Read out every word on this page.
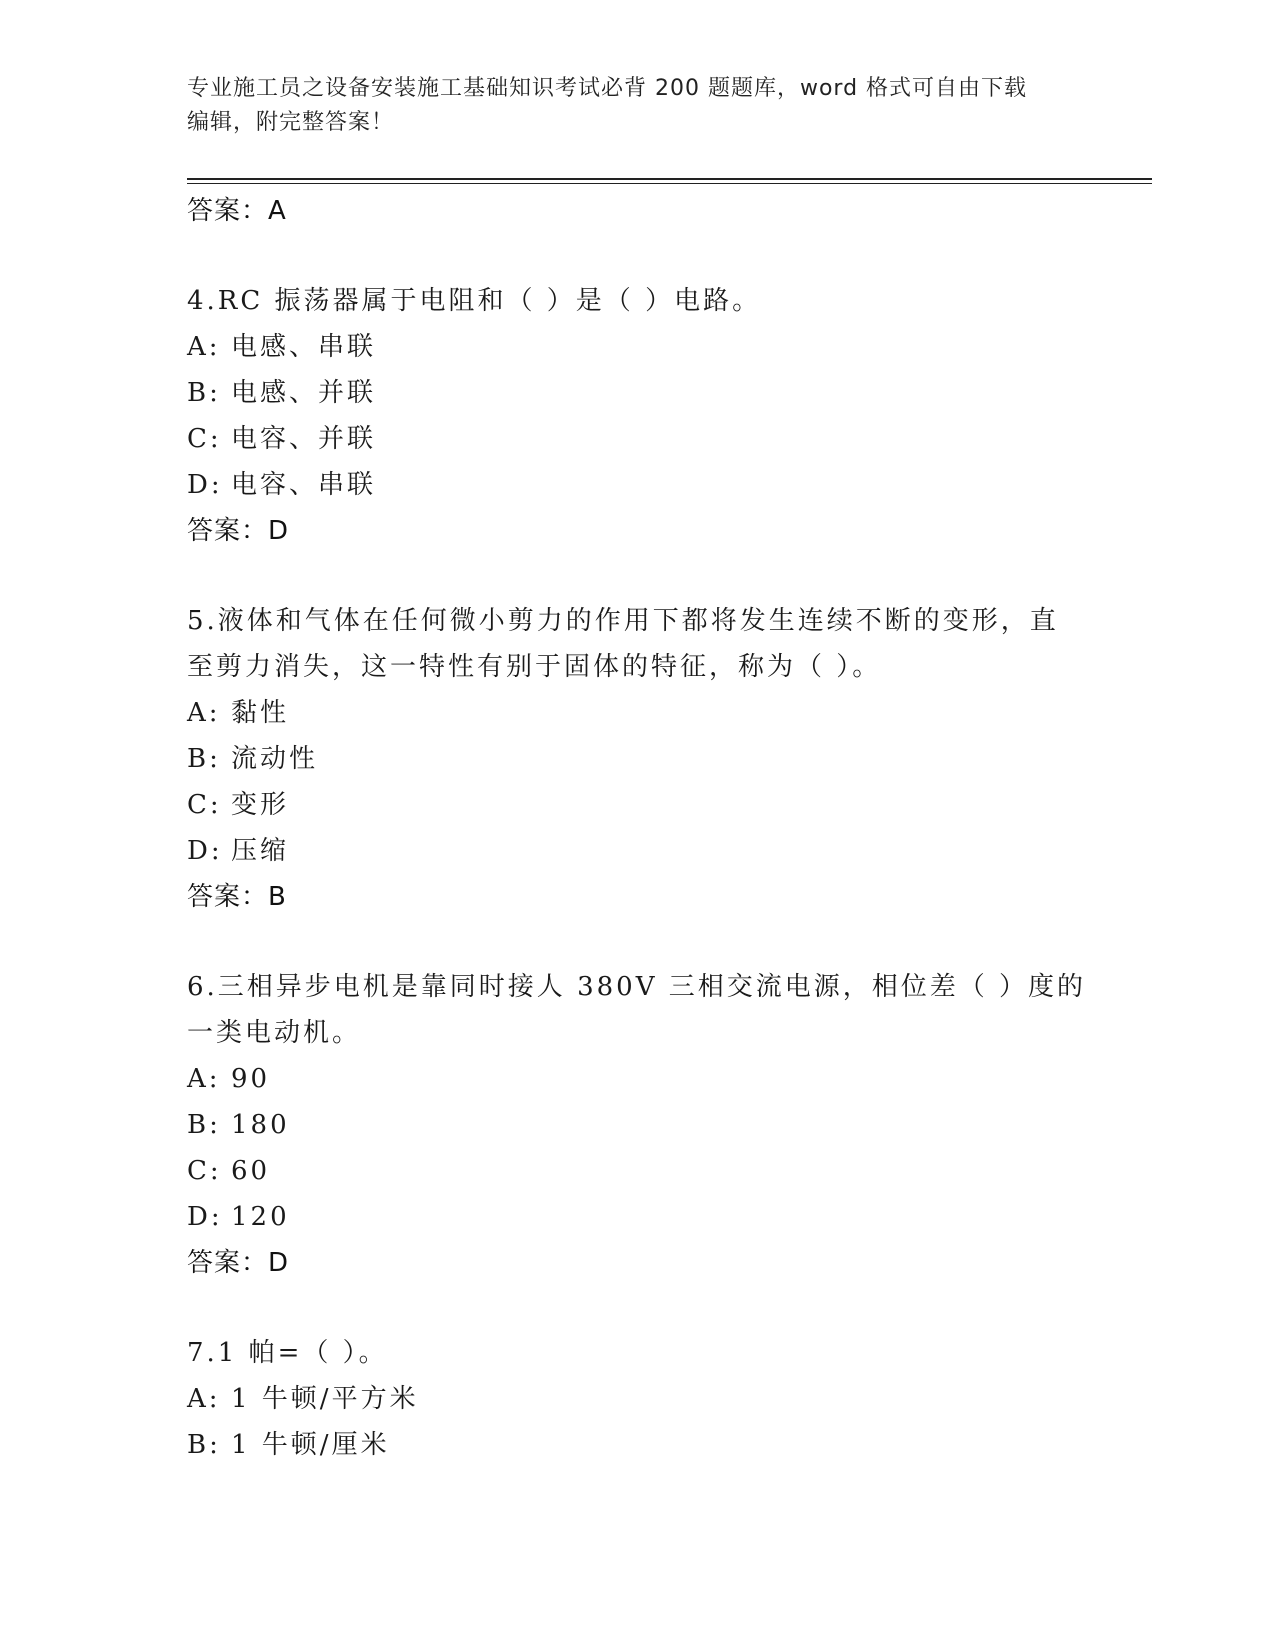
专业施工员之设备安装施工基础知识考试必背 200 题题库，word 格式可自由下载
编辑，附完整答案！
答案：A
4.RC 振荡器属于电阻和（ ）是（ ）电路。
A: 电感、串联
B: 电感、并联
C: 电容、并联
D: 电容、串联
答案：D
5.液体和气体在任何微小剪力的作用下都将发生连续不断的变形，直
至剪力消失，这一特性有别于固体的特征，称为（ ）。
A: 黏性
B: 流动性
C: 变形
D: 压缩
答案：B
6.三相异步电机是靠同时接人 380V 三相交流电源，相位差（ ）度的
一类电动机。
A: 90
B: 180
C: 60
D: 120
答案：D
7.1 帕=（ ）。
A: 1 牛顿/平方米
B: 1 牛顿/厘米
